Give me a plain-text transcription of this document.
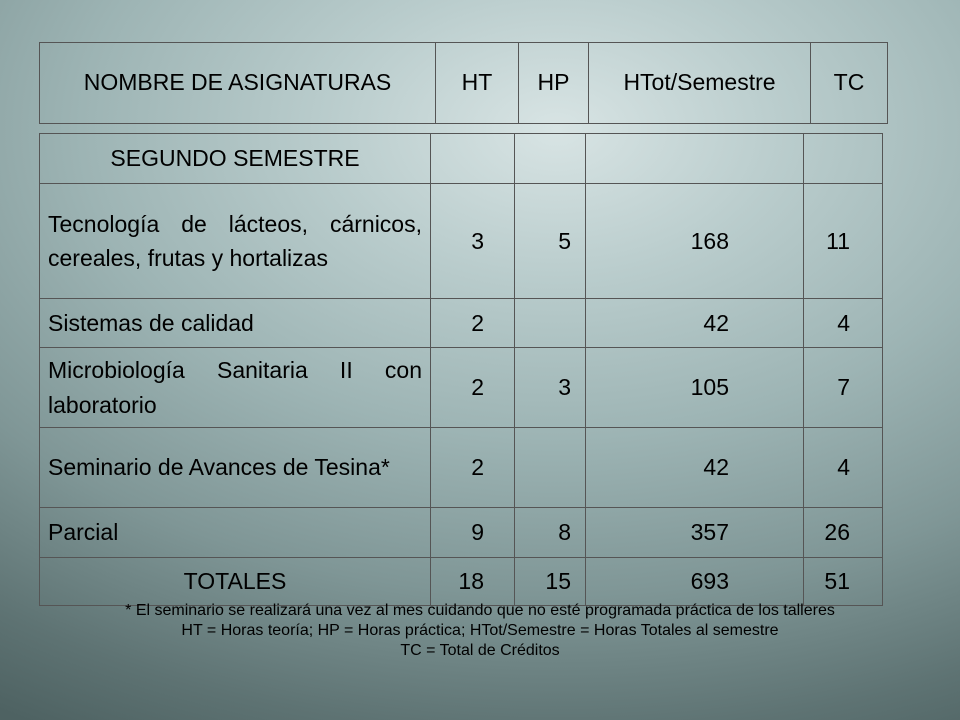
NOMBRE DE ASIGNATURAS	HT	HP	HTot/Semestre	TC
SEGUNDO SEMESTRE				
Tecnología de lácteos, cárnicos, cereales, frutas y hortalizas	3	5	168	11
Sistemas de calidad	2		42	4
Microbiología Sanitaria II con laboratorio	2	3	105	7
Seminario de Avances de Tesina*	2		42	4
Parcial	9	8	357	26
TOTALES	18	15	693	51
* El seminario se realizará una vez al mes cuidando que no esté programada práctica de los talleres
HT = Horas teoría; HP = Horas práctica; HTot/Semestre = Horas Totales al semestre
TC = Total de Créditos
